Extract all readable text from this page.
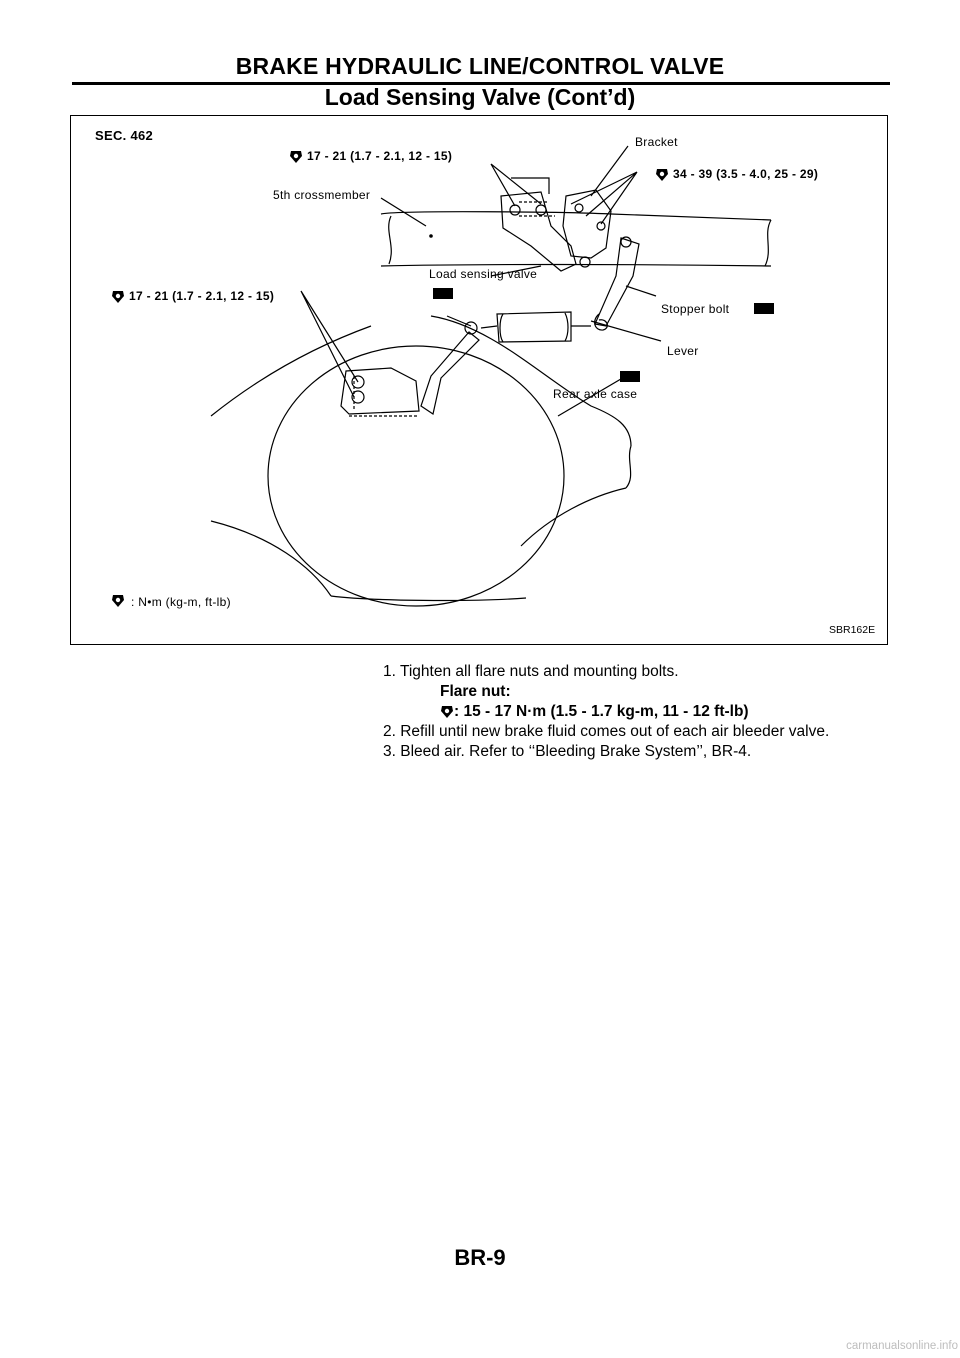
BRAKE HYDRAULIC LINE/CONTROL VALVE
Load Sensing Valve (Cont’d)
SEC. 462
17 - 21 (1.7 - 2.1, 12 - 15)
Bracket
34 - 39 (3.5 - 4.0, 25 - 29)
5th crossmember
Load sensing valve
17 - 21 (1.7 - 2.1, 12 - 15)
Stopper bolt
Lever
Rear axle case
: N•m (kg-m, ft-lb)
SBR162E
1. Tighten all flare nuts and mounting bolts.
Flare nut:
: 15 - 17 N·m (1.5 - 1.7 kg-m, 11 - 12 ft-lb)
2. Refill until new brake fluid comes out of each air bleeder valve.
3. Bleed air. Refer to ‘‘Bleeding Brake System’’, BR-4.
BR-9
carmanualsonline.info
